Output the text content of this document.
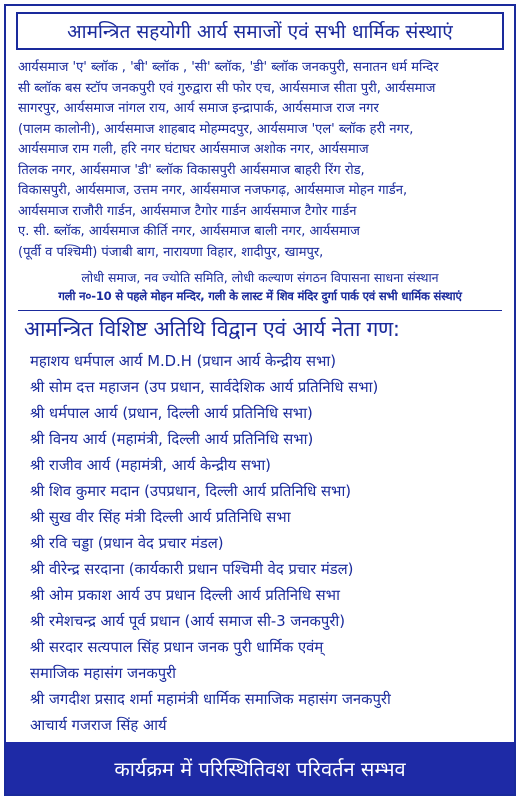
आमन्त्रित सहयोगी आर्य समाजों एवं सभी धार्मिक संस्थाएं
आर्यसमाज 'ए' ब्लॉक , 'बी' ब्लॉक , 'सी' ब्लॉक, 'डी' ब्लॉक जनकपुरी, सनातन धर्म मन्दिर
सी ब्लॉक बस स्टॉप जनकपुरी एवं गुरुद्वारा सी फोर एच, आर्यसमाज सीता पुरी, आर्यसमाज
सागरपुर, आर्यसमाज नांगल राय, आर्य समाज इन्द्रापार्क, आर्यसमाज राज नगर
(पालम कालोनी), आर्यसमाज शाहबाद मोहम्मदपुर, आर्यसमाज 'एल' ब्लॉक हरी नगर,
आर्यसमाज राम गली, हरि नगर घंटाघर आर्यसमाज अशोक नगर, आर्यसमाज
तिलक नगर, आर्यसमाज 'डी' ब्लॉक विकासपुरी आर्यसमाज बाहरी रिंग रोड,
विकासपुरी, आर्यसमाज, उत्तम नगर, आर्यसमाज नजफगढ़, आर्यसमाज मोहन गार्डन,
आर्यसमाज राजौरी गार्डन, आर्यसमाज टैगोर गार्डन आर्यसमाज टैगोर गार्डन
ए. सी. ब्लॉक, आर्यसमाज कीर्ति नगर, आर्यसमाज बाली नगर, आर्यसमाज
(पूर्वी व पश्चिमी) पंजाबी बाग, नारायणा विहार, शादीपुर, खामपुर,
लोधी समाज, नव ज्योति समिति, लोधी कल्याण संगठन विपासना साधना संस्थान
गली न०-10 से पहले मोहन मन्दिर, गली के लास्ट में शिव मंदिर दुर्गा पार्क एवं सभी धार्मिक संस्थाएं
आमन्त्रित विशिष्ट अतिथि विद्वान एवं आर्य नेता गण:
महाशय धर्मपाल आर्य M.D.H (प्रधान आर्य केन्द्रीय सभा)
श्री सोम दत्त महाजन (उप प्रधान, सार्वदेशिक आर्य प्रतिनिधि सभा)
श्री धर्मपाल आर्य (प्रधान, दिल्ली आर्य प्रतिनिधि सभा)
श्री विनय आर्य (महामंत्री, दिल्ली आर्य प्रतिनिधि सभा)
श्री राजीव आर्य (महामंत्री, आर्य केन्द्रीय सभा)
श्री शिव कुमार मदान (उपप्रधान, दिल्ली आर्य प्रतिनिधि सभा)
श्री सुख वीर सिंह मंत्री दिल्ली आर्य प्रतिनिधि सभा
श्री रवि चड्डा (प्रधान वेद प्रचार मंडल)
श्री वीरेन्द्र सरदाना (कार्यकारी प्रधान पश्चिमी वेद प्रचार मंडल)
श्री ओम प्रकाश आर्य उप प्रधान दिल्ली आर्य प्रतिनिधि सभा
श्री रमेशचन्द्र आर्य पूर्व प्रधान (आर्य समाज सी-3 जनकपुरी)
श्री सरदार सत्यपाल सिंह प्रधान जनक पुरी धार्मिक एवंम्
समाजिक महासंग जनकपुरी
श्री जगदीश प्रसाद शर्मा महामंत्री धार्मिक समाजिक महासंग जनकपुरी
आचार्य गजराज सिंह आर्य
कार्यक्रम में परिस्थितिवश परिवर्तन सम्भव
